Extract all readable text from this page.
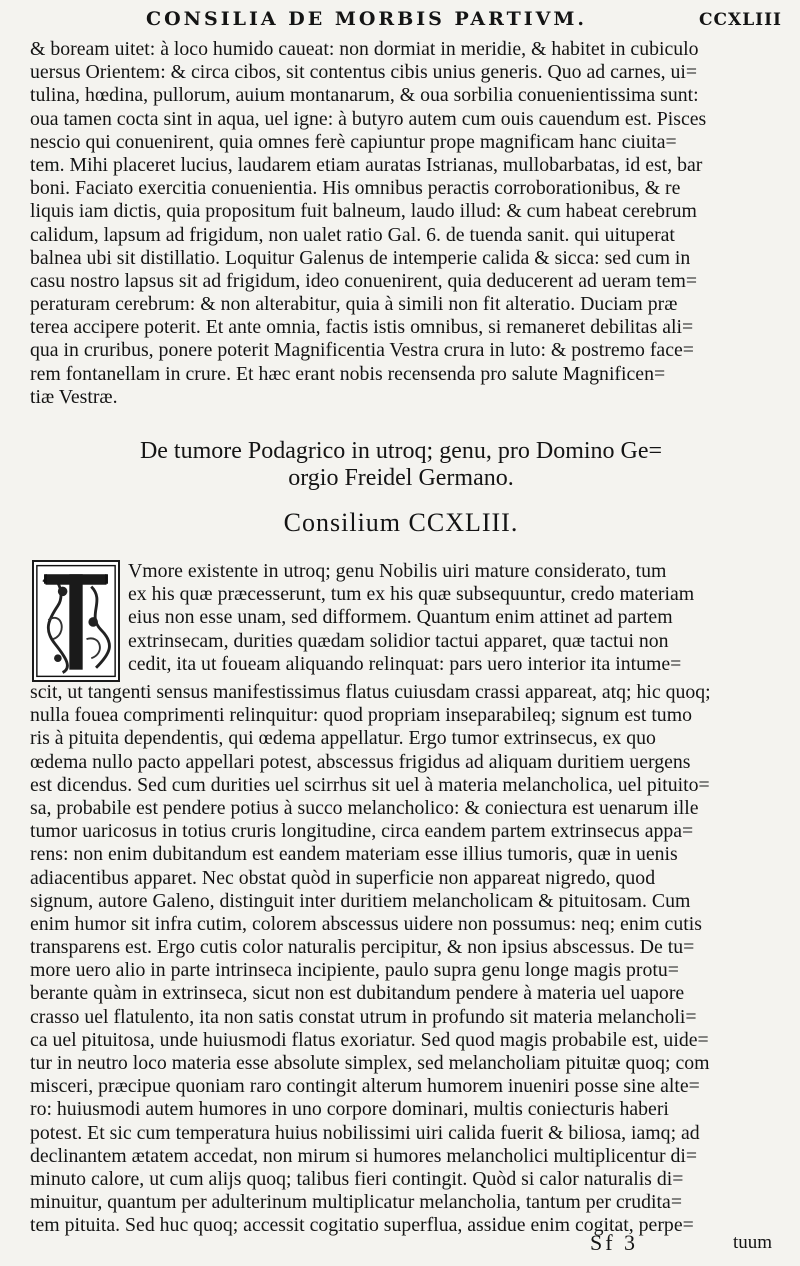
CONSILIA DE MORBIS PARTIVM.	CCXLIII
& boream uitet: à loco humido caueat: non dormiat in meridie, & habitet in cubiculo
uersus Orientem: & circa cibos, sit contentus cibis unius generis. Quo ad carnes, ui=
tulina, hœdina, pullorum, auium montanarum, & oua sorbilia conuenientissima sunt:
oua tamen cocta sint in aqua, uel igne: à butyro autem cum ouis cauendum est. Pisces
nescio qui conuenirent, quia omnes ferè capiuntur prope magnificam hanc ciuita=
tem. Mihi placeret lucius, laudarem etiam auratas Istrianas, mullobarbatas, id est, bar
boni. Faciato exercitia conuenientia. His omnibus peractis corroborationibus, & re
liquis iam dictis, quia propositum fuit balneum, laudo illud: & cum habeat cerebrum
calidum, lapsum ad frigidum, non ualet ratio Gal. 6. de tuenda sanit. qui uituperat
balnea ubi sit distillatio. Loquitur Galenus de intemperie calida & sicca: sed cum in
casu nostro lapsus sit ad frigidum, ideo conuenirent, quia deducerent ad ueram tem=
peraturam cerebrum: & non alterabitur, quia à simili non fit alteratio. Duciam præ
terea accipere poterit. Et ante omnia, factis istis omnibus, si remaneret debilitas ali=
qua in cruribus, ponere poterit Magnificentia Vestra crura in luto: & postremo face=
rem fontanellam in crure. Et hæc erant nobis recensenda pro salute Magnificen=
tiæ Vestræ.
De tumore Podagrico in utroq; genu, pro Domino Ge=
orgio Freidel Germano.
Consilium CCXLIII.
Vmore existente in utroq; genu Nobilis uiri mature considerato, tum
ex his quæ præcesserunt, tum ex his quæ subsequuntur, credo materiam
eius non esse unam, sed difformem. Quantum enim attinet ad partem
extrinsecam, durities quædam solidior tactui apparet, quæ tactui non
cedit, ita ut foueam aliquando relinquat: pars uero interior ita intume=
scit, ut tangenti sensus manifestissimus flatus cuiusdam crassi appareat, atq; hic quoq;
nulla fouea comprimenti relinquitur: quod propriam inseparabileq; signum est tumo
ris à pituita dependentis, qui œdema appellatur. Ergo tumor extrinsecus, ex quo
œdema nullo pacto appellari potest, abscessus frigidus ad aliquam duritiem uergens
est dicendus. Sed cum durities uel scirrhus sit uel à materia melancholica, uel pituito=
sa, probabile est pendere potius à succo melancholico: & coniectura est uenarum ille
tumor uaricosus in totius cruris longitudine, circa eandem partem extrinsecus appa=
rens: non enim dubitandum est eandem materiam esse illius tumoris, quæ in uenis
adiacentibus apparet. Nec obstat quòd in superficie non appareat nigredo, quod
signum, autore Galeno, distinguit inter duritiem melancholicam & pituitosam. Cum
enim humor sit infra cutim, colorem abscessus uidere non possumus: neq; enim cutis
transparens est. Ergo cutis color naturalis percipitur, & non ipsius abscessus. De tu=
more uero alio in parte intrinseca incipiente, paulo supra genu longe magis protu=
berante quàm in extrinseca, sicut non est dubitandum pendere à materia uel uapore
crasso uel flatulento, ita non satis constat utrum in profundo sit materia melancholi=
ca uel pituitosa, unde huiusmodi flatus exoriatur. Sed quod magis probabile est, uide=
tur in neutro loco materia esse absolute simplex, sed melancholiam pituitæ quoq; com
misceri, præcipue quoniam raro contingit alterum humorem inueniri posse sine alte=
ro: huiusmodi autem humores in uno corpore dominari, multis coniecturis haberi
potest. Et sic cum temperatura huius nobilissimi uiri calida fuerit & biliosa, iamq; ad
declinantem ætatem accedat, non mirum si humores melancholici multiplicentur di=
minuto calore, ut cum alijs quoq; talibus fieri contingit. Quòd si calor naturalis di=
minuitur, quantum per adulterinum multiplicatur melancholia, tantum per crudita=
tem pituita. Sed huc quoq; accessit cogitatio superflua, assidue enim cogitat, perpe=
Sf 3	tuum
